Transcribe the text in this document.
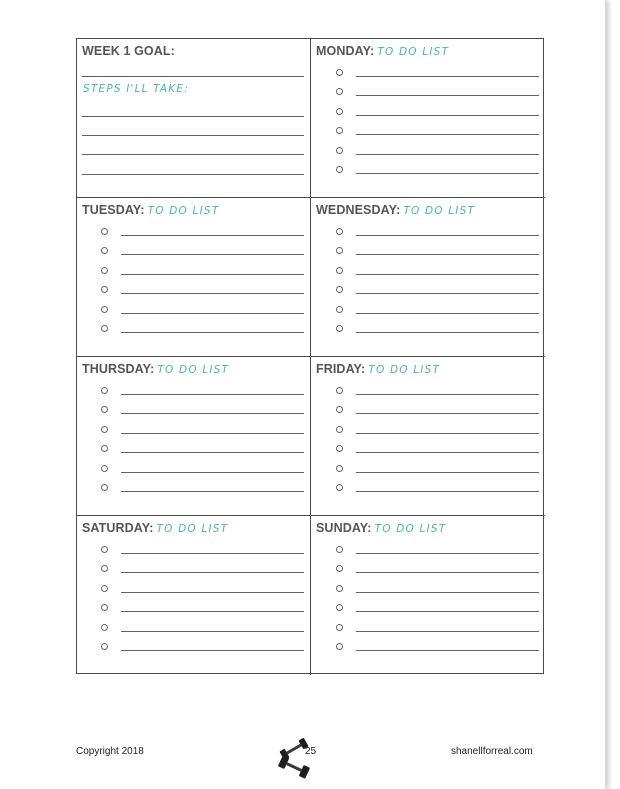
WEEK 1 GOAL:
STEPS I'LL TAKE:
MONDAY: TO DO LIST
TUESDAY: TO DO LIST	WEDNESDAY: TO DO LIST
THURSDAY: TO DO LIST	FRIDAY: TO DO LIST
SATURDAY: TO DO LIST	SUNDAY: TO DO LIST
Copyright 2018	25	shanellforreal.com
